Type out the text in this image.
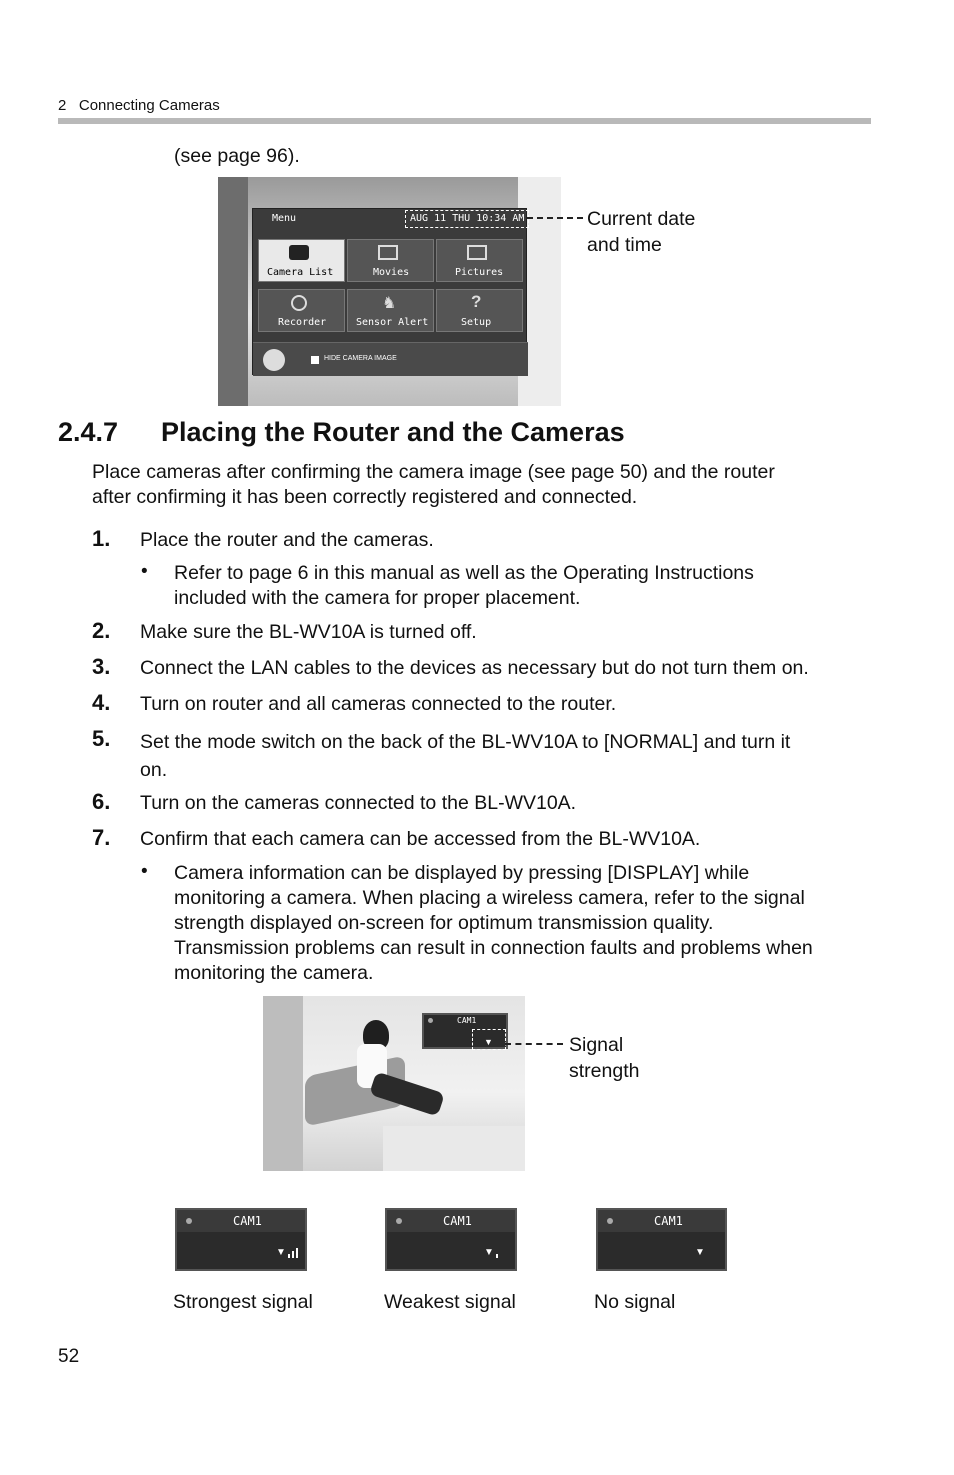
2 Connecting Cameras
(see page 96).
Menu	AUG 11 THU 10:34 AM
Camera List	Movies	Pictures
Recorder
♞
Sensor Alert
?
Setup
HIDE CAMERA IMAGE
Current date
and time
2.4.7 Placing the Router and the Cameras
Place cameras after confirming the camera image (see page 50) and the router
after confirming it has been correctly registered and connected.
1. Place the router and the cameras.
• Refer to page 6 in this manual as well as the Operating Instructions
included with the camera for proper placement.
2. Make sure the BL-WV10A is turned off.
3. Connect the LAN cables to the devices as necessary but do not turn them on.
4. Turn on router and all cameras connected to the router.
5. Set the mode switch on the back of the BL-WV10A to [NORMAL] and turn it
on.
6. Turn on the cameras connected to the BL-WV10A.
7. Confirm that each camera can be accessed from the BL-WV10A.
• Camera information can be displayed by pressing [DISPLAY] while
monitoring a camera. When placing a wireless camera, refer to the signal
strength displayed on-screen for optimum transmission quality.
Transmission problems can result in connection faults and problems when
monitoring the camera.
CAM1
▼	Signal
strength
CAM1
▼
CAM1
▼
CAM1
▼
Strongest signal	Weakest signal	No signal
52
